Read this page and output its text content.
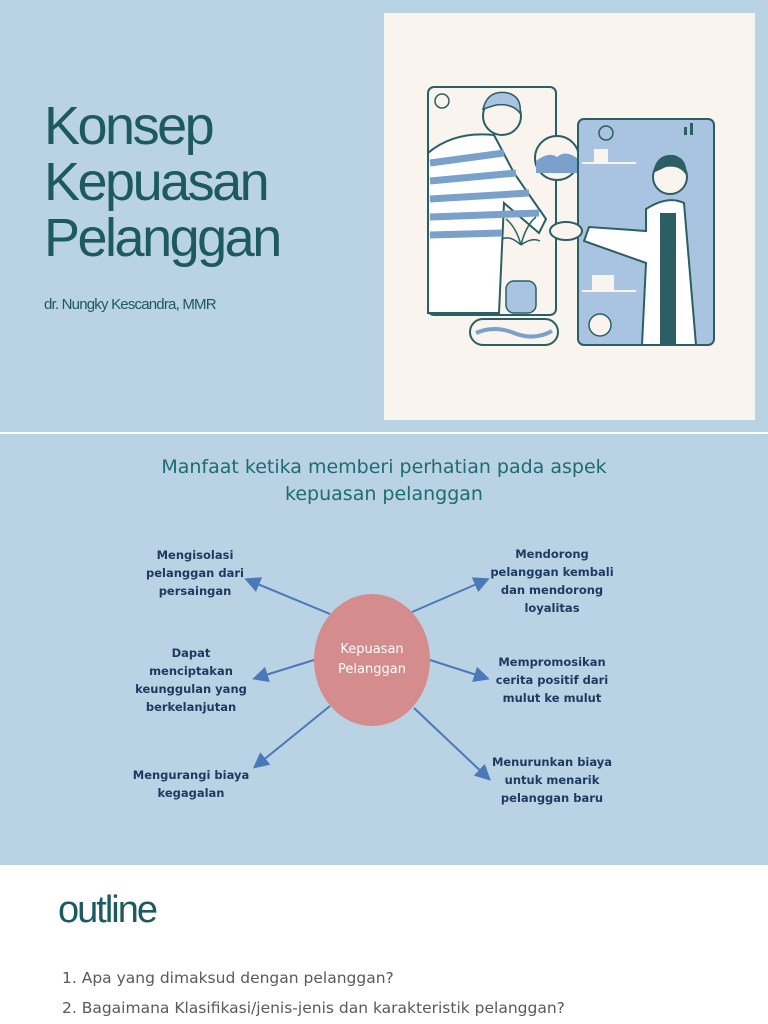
Konsep
Kepuasan
Pelanggan
dr. Nungky Kescandra, MMR
Manfaat ketika memberi perhatian pada aspek
kepuasan pelanggan
Kepuasan
Pelanggan
Mengisolasi
pelanggan dari
persaingan
Dapat
menciptakan
keunggulan yang
berkelanjutan
Mengurangi biaya
kegagalan
Mendorong
pelanggan kembali
dan mendorong
loyalitas
Mempromosikan
cerita positif dari
mulut ke mulut
Menurunkan biaya
untuk menarik
pelanggan baru
outline
1. Apa yang dimaksud dengan pelanggan?
2. Bagaimana Klasifikasi/jenis-jenis dan karakteristik pelanggan?
